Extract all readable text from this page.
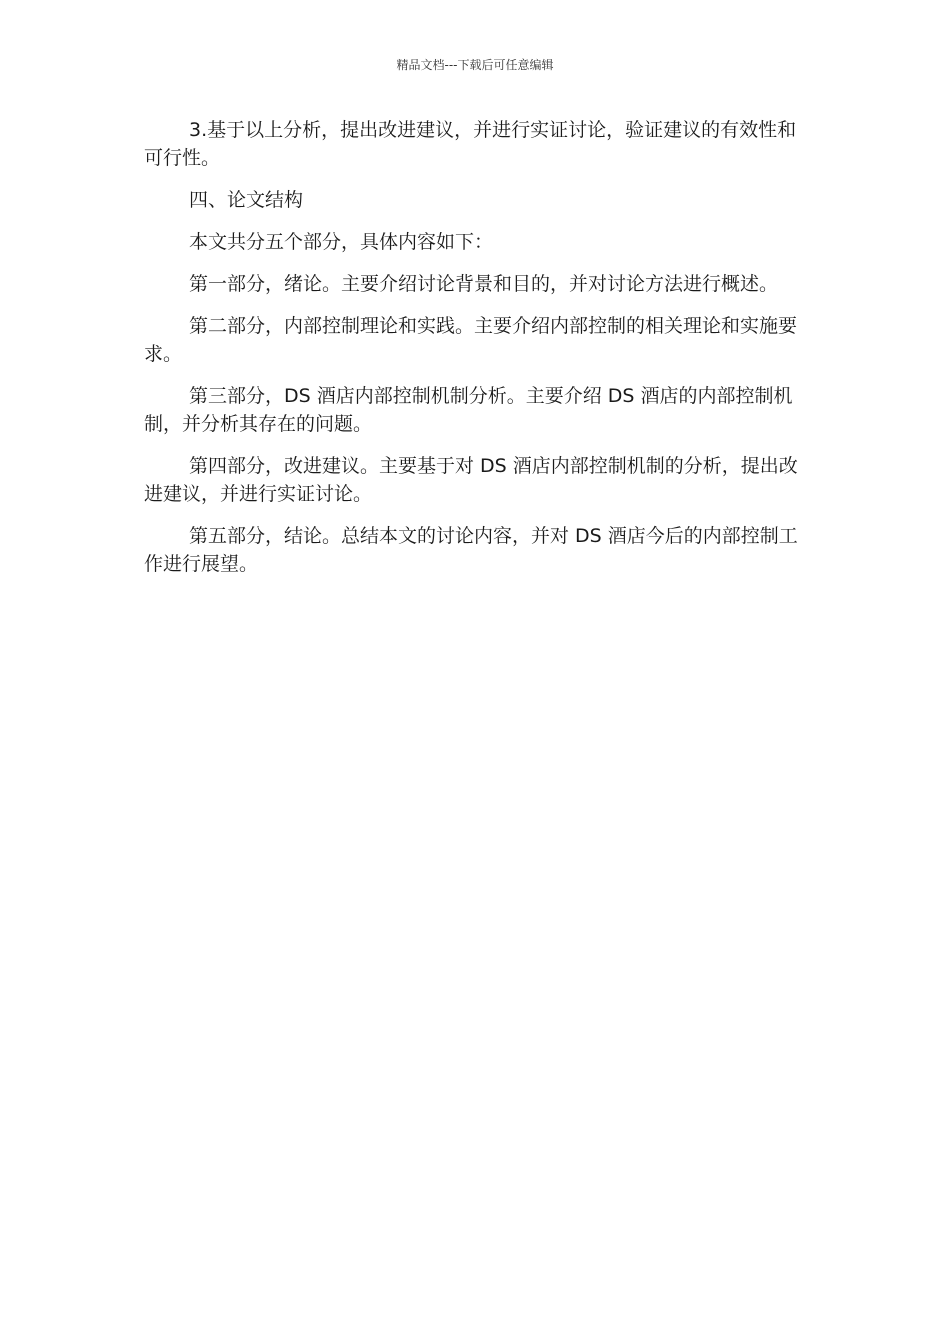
精品文档---下载后可任意编辑

3.基于以上分析，提出改进建议，并进行实证讨论，验证建议的有效性和可行性。

四、论文结构

本文共分五个部分，具体内容如下：

第一部分，绪论。主要介绍讨论背景和目的，并对讨论方法进行概述。

第二部分，内部控制理论和实践。主要介绍内部控制的相关理论和实施要求。

第三部分，DS 酒店内部控制机制分析。主要介绍 DS 酒店的内部控制机制，并分析其存在的问题。

第四部分，改进建议。主要基于对 DS 酒店内部控制机制的分析，提出改进建议，并进行实证讨论。

第五部分，结论。总结本文的讨论内容，并对 DS 酒店今后的内部控制工作进行展望。
